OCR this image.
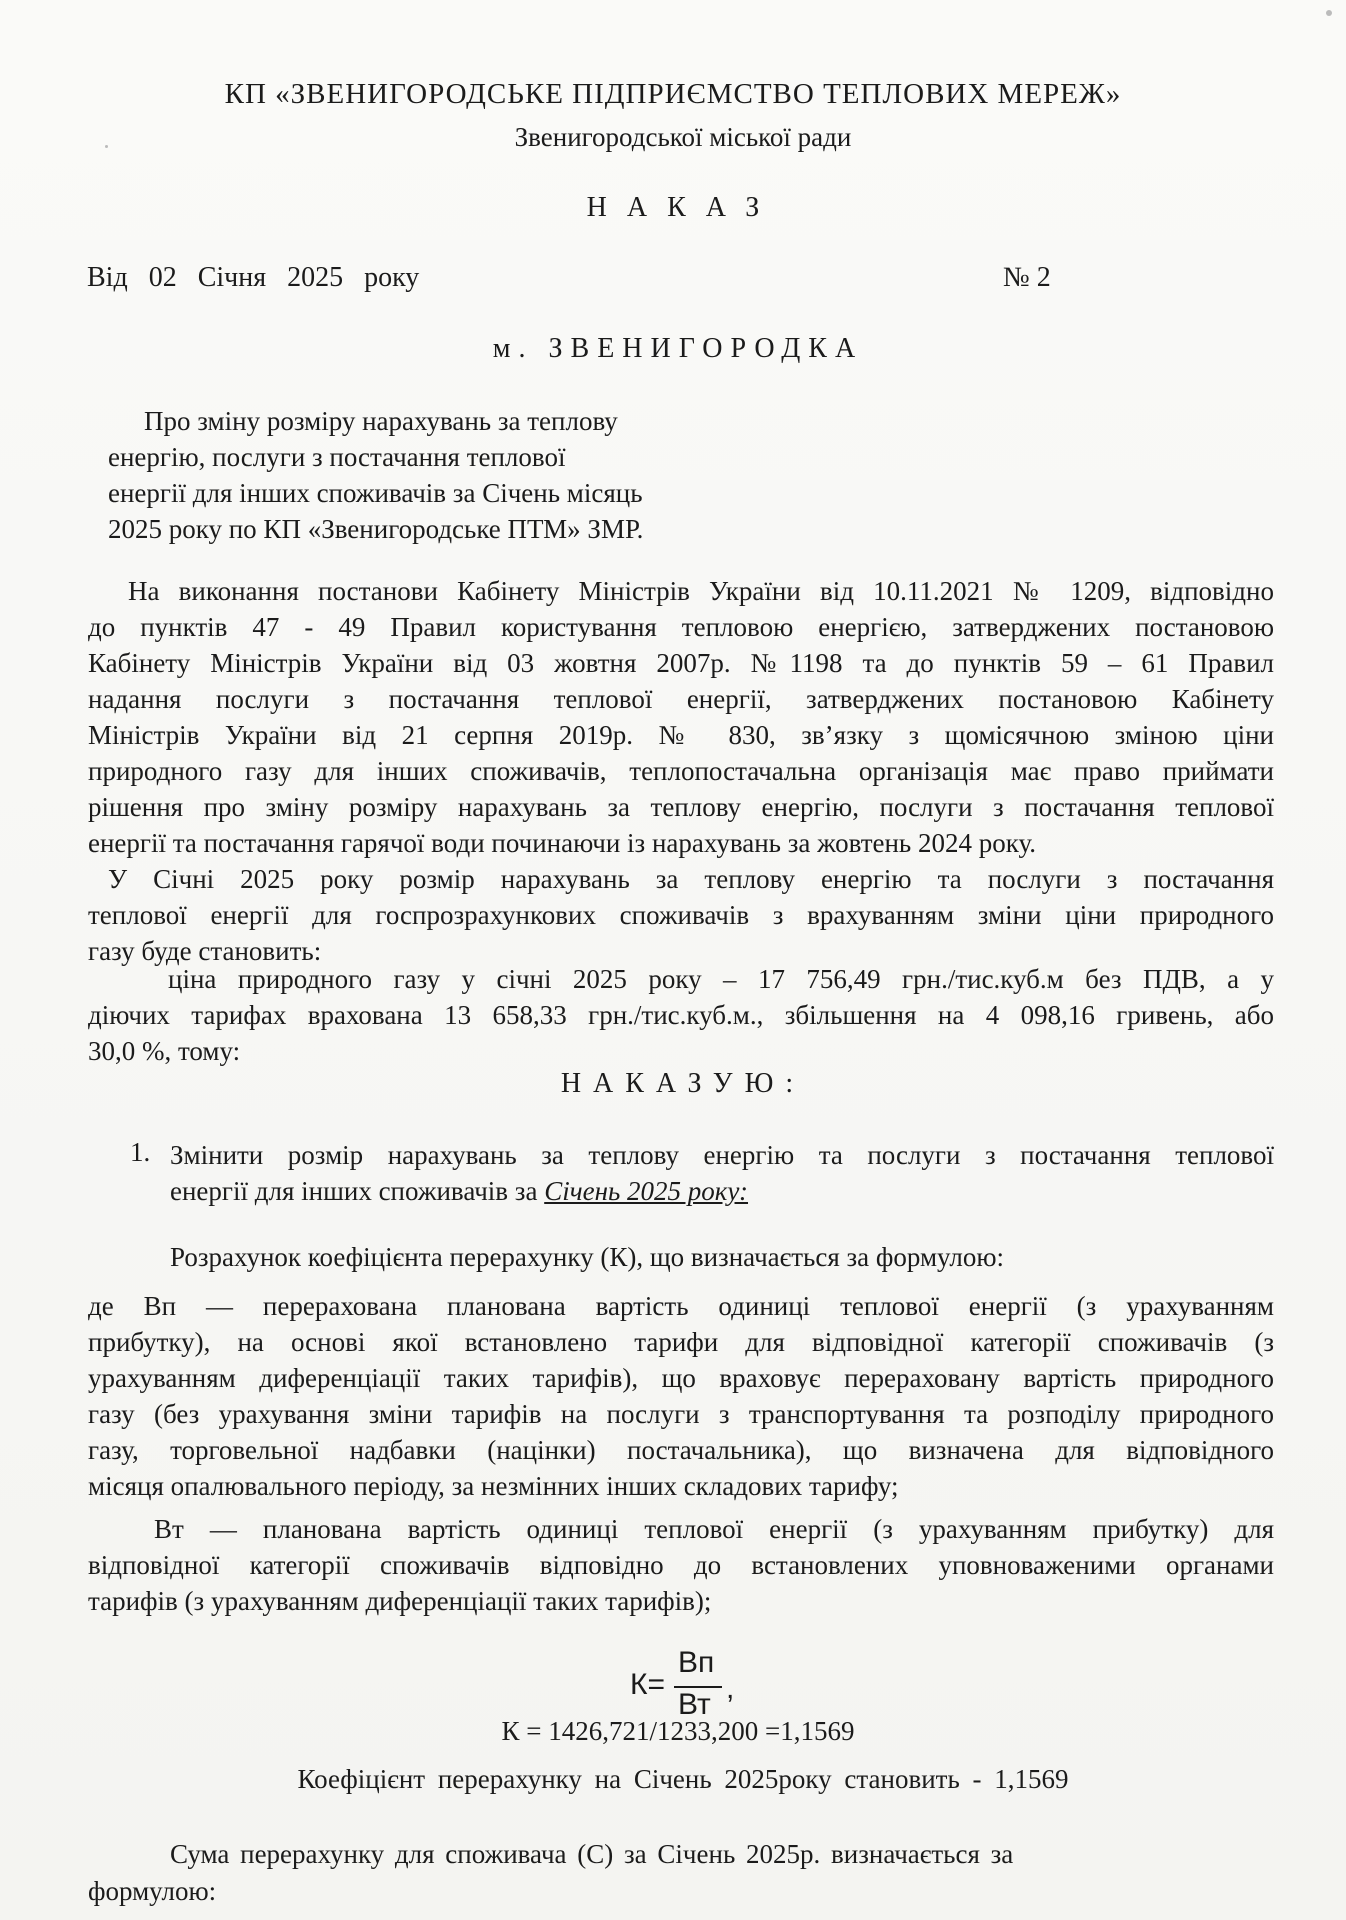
КП «ЗВЕНИГОРОДСЬКЕ ПІДПРИЄМСТВО ТЕПЛОВИХ МЕРЕЖ»
Звенигородської міської ради
НАКАЗ
Від 02 Січня 2025 року	№ 2
м. ЗВЕНИГОРОДКА
Про зміну розміру нарахувань за теплову
енергію, послуги з постачання теплової
енергії для інших споживачів за Січень місяць
2025 року по КП «Звенигородське ПТМ» ЗМР.
На виконання постанови Кабінету Міністрів України від 10.11.2021 № 1209, відповідно
до пунктів 47 - 49 Правил користування тепловою енергією, затверджених постановою
Кабінету Міністрів України від 03 жовтня 2007р. №1198 та до пунктів 59 – 61 Правил
надання послуги з постачання теплової енергії, затверджених постановою Кабінету
Міністрів України від 21 серпня 2019р. № 830, зв’язку з щомісячною зміною ціни
природного газу для інших споживачів, теплопостачальна організація має право приймати
рішення про зміну розміру нарахувань за теплову енергію, послуги з постачання теплової
енергії та постачання гарячої води починаючи із нарахувань за жовтень 2024 року.
У Січні 2025 року розмір нарахувань за теплову енергію та послуги з постачання
теплової енергії для госпрозрахункових споживачів з врахуванням зміни ціни природного
газу буде становить:
ціна природного газу у січні 2025 року – 17 756,49 грн./тис.куб.м без ПДВ, а у
діючих тарифах врахована 13 658,33 грн./тис.куб.м., збільшення на 4 098,16 гривень, або
30,0 %, тому:
НАКАЗУЮ:
1. Змінити розмір нарахувань за теплову енергію та послуги з постачання теплової
енергії для інших споживачів за Січень 2025 року:
Розрахунок коефіцієнта перерахунку (К), що визначається за формулою:
де Вп — перерахована планована вартість одиниці теплової енергії (з урахуванням
прибутку), на основі якої встановлено тарифи для відповідної категорії споживачів (з
урахуванням диференціації таких тарифів), що враховує перераховану вартість природного
газу (без урахування зміни тарифів на послуги з транспортування та розподілу природного
газу, торговельної надбавки (націнки) постачальника), що визначена для відповідного
місяця опалювального періоду, за незмінних інших складових тарифу;
Вт — планована вартість одиниці теплової енергії (з урахуванням прибутку) для
відповідної категорії споживачів відповідно до встановлених уповноваженими органами
тарифів (з урахуванням диференціації таких тарифів);
К=
Вп
Вт ,
К = 1426,721/1233,200 =1,1569
Коефіцієнт перерахунку на Січень 2025року становить - 1,1569
Сума перерахунку для споживача (С) за Січень 2025р. визначається за
формулою:
